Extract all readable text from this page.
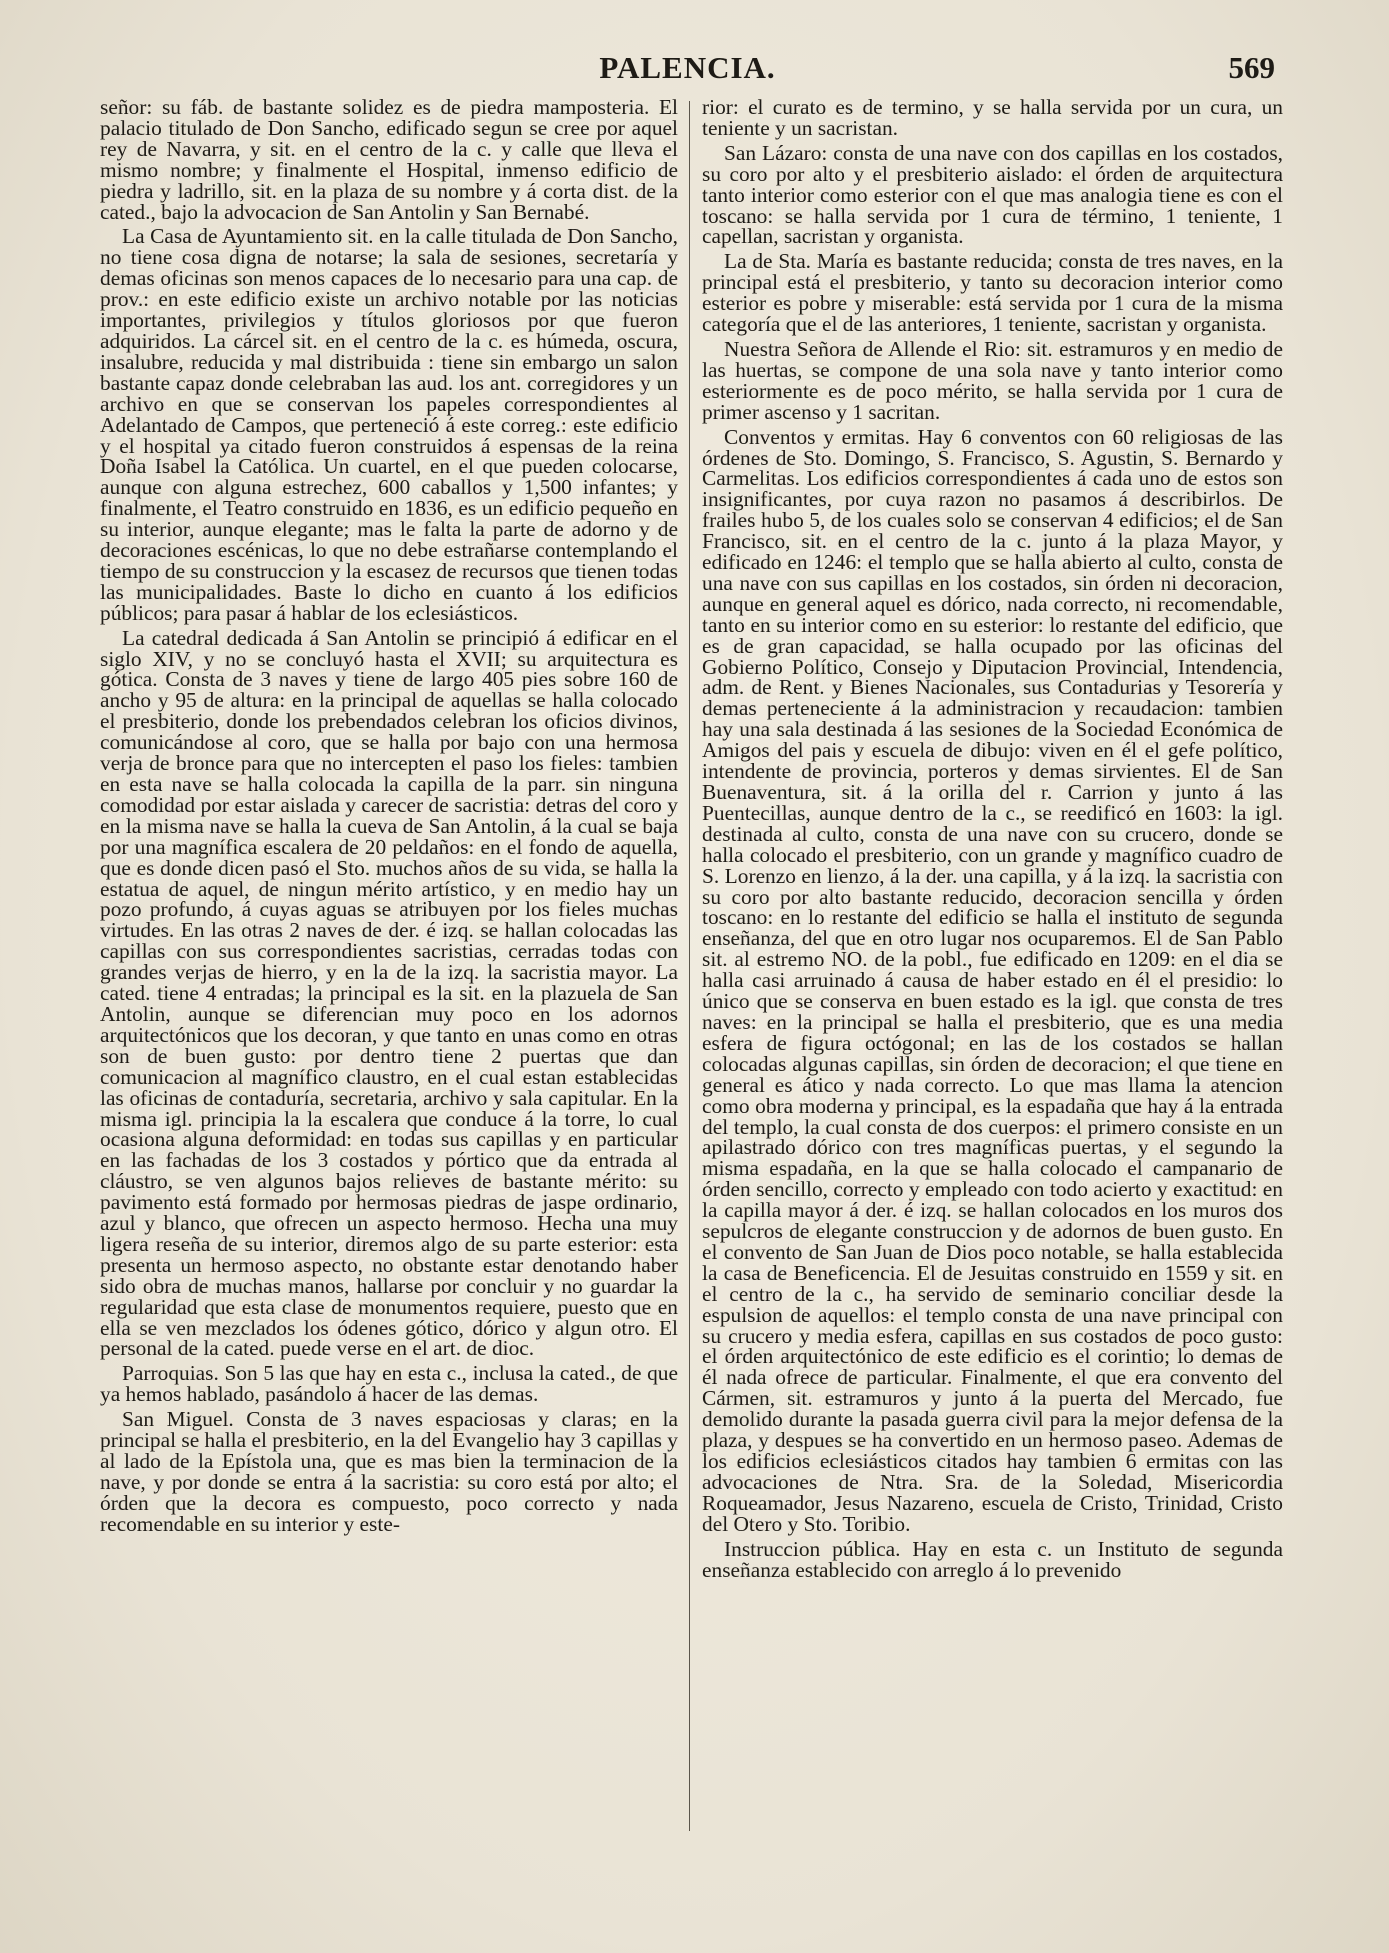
PALENCIA.	569

señor: su fáb. de bastante solidez es de piedra mamposteria. El palacio titulado de Don Sancho, edificado segun se cree por aquel rey de Navarra, y sit. en el centro de la c. y calle que lleva el mismo nombre; y finalmente el Hospital, inmenso edificio de piedra y ladrillo, sit. en la plaza de su nombre y á corta dist. de la cated., bajo la advocacion de San Antolin y San Bernabé.

La Casa de Ayuntamiento sit. en la calle titulada de Don Sancho, no tiene cosa digna de notarse; la sala de sesiones, secretaría y demas oficinas son menos capaces de lo necesario para una cap. de prov.: en este edificio existe un archivo notable por las noticias importantes, privilegios y títulos gloriosos por que fueron adquiridos. La cárcel sit. en el centro de la c. es húmeda, oscura, insalubre, reducida y mal distribuida : tiene sin embargo un salon bastante capaz donde celebraban las aud. los ant. corregidores y un archivo en que se conservan los papeles correspondientes al Adelantado de Campos, que perteneció á este correg.: este edificio y el hospital ya citado fueron construidos á espensas de la reina Doña Isabel la Católica. Un cuartel, en el que pueden colocarse, aunque con alguna estrechez, 600 caballos y 1,500 infantes; y finalmente, el Teatro construido en 1836, es un edificio pequeño en su interior, aunque elegante; mas le falta la parte de adorno y de decoraciones escénicas, lo que no debe estrañarse contemplando el tiempo de su construccion y la escasez de recursos que tienen todas las municipalidades. Baste lo dicho en cuanto á los edificios públicos; para pasar á hablar de los eclesiásticos.

La catedral dedicada á San Antolin se principió á edificar en el siglo XIV, y no se concluyó hasta el XVII; su arquitectura es gótica. Consta de 3 naves y tiene de largo 405 pies sobre 160 de ancho y 95 de altura: en la principal de aquellas se halla colocado el presbiterio, donde los prebendados celebran los oficios divinos, comunicándose al coro, que se halla por bajo con una hermosa verja de bronce para que no intercepten el paso los fieles: tambien en esta nave se halla colocada la capilla de la parr. sin ninguna comodidad por estar aislada y carecer de sacristia: detras del coro y en la misma nave se halla la cueva de San Antolin, á la cual se baja por una magnífica escalera de 20 peldaños: en el fondo de aquella, que es donde dicen pasó el Sto. muchos años de su vida, se halla la estatua de aquel, de ningun mérito artístico, y en medio hay un pozo profundo, á cuyas aguas se atribuyen por los fieles muchas virtudes. En las otras 2 naves de der. é izq. se hallan colocadas las capillas con sus correspondientes sacristias, cerradas todas con grandes verjas de hierro, y en la de la izq. la sacristia mayor. La cated. tiene 4 entradas; la principal es la sit. en la plazuela de San Antolin, aunque se diferencian muy poco en los adornos arquitectónicos que los decoran, y que tanto en unas como en otras son de buen gusto: por dentro tiene 2 puertas que dan comunicacion al magnífico claustro, en el cual estan establecidas las oficinas de contaduría, secretaria, archivo y sala capitular. En la misma igl. principia la la escalera que conduce á la torre, lo cual ocasiona alguna deformidad: en todas sus capillas y en particular en las fachadas de los 3 costados y pórtico que da entrada al cláustro, se ven algunos bajos relieves de bastante mérito: su pavimento está formado por hermosas piedras de jaspe ordinario, azul y blanco, que ofrecen un aspecto hermoso. Hecha una muy ligera reseña de su interior, diremos algo de su parte esterior: esta presenta un hermoso aspecto, no obstante estar denotando haber sido obra de muchas manos, hallarse por concluir y no guardar la regularidad que esta clase de monumentos requiere, puesto que en ella se ven mezclados los ódenes gótico, dórico y algun otro. El personal de la cated. puede verse en el art. de dioc.

Parroquias. Son 5 las que hay en esta c., inclusa la cated., de que ya hemos hablado, pasándolo á hacer de las demas.

San Miguel. Consta de 3 naves espaciosas y claras; en la principal se halla el presbiterio, en la del Evangelio hay 3 capillas y al lado de la Epístola una, que es mas bien la terminacion de la nave, y por donde se entra á la sacristia: su coro está por alto; el órden que la decora es compuesto, poco correcto y nada recomendable en su interior y este-

rior: el curato es de termino, y se halla servida por un cura, un teniente y un sacristan.

San Lázaro: consta de una nave con dos capillas en los costados, su coro por alto y el presbiterio aislado: el órden de arquitectura tanto interior como esterior con el que mas analogia tiene es con el toscano: se halla servida por 1 cura de término, 1 teniente, 1 capellan, sacristan y organista.

La de Sta. María es bastante reducida; consta de tres naves, en la principal está el presbiterio, y tanto su decoracion interior como esterior es pobre y miserable: está servida por 1 cura de la misma categoría que el de las anteriores, 1 teniente, sacristan y organista.

Nuestra Señora de Allende el Rio: sit. estramuros y en medio de las huertas, se compone de una sola nave y tanto interior como esteriormente es de poco mérito, se halla servida por 1 cura de primer ascenso y 1 sacritan.

Conventos y ermitas. Hay 6 conventos con 60 religiosas de las órdenes de Sto. Domingo, S. Francisco, S. Agustin, S. Bernardo y Carmelitas. Los edificios correspondientes á cada uno de estos son insignificantes, por cuya razon no pasamos á describirlos. De frailes hubo 5, de los cuales solo se conservan 4 edificios; el de San Francisco, sit. en el centro de la c. junto á la plaza Mayor, y edificado en 1246: el templo que se halla abierto al culto, consta de una nave con sus capillas en los costados, sin órden ni decoracion, aunque en general aquel es dórico, nada correcto, ni recomendable, tanto en su interior como en su esterior: lo restante del edificio, que es de gran capacidad, se halla ocupado por las oficinas del Gobierno Político, Consejo y Diputacion Provincial, Intendencia, adm. de Rent. y Bienes Nacionales, sus Contadurias y Tesorería y demas perteneciente á la administracion y recaudacion: tambien hay una sala destinada á las sesiones de la Sociedad Económica de Amigos del pais y escuela de dibujo: viven en él el gefe político, intendente de provincia, porteros y demas sirvientes. El de San Buenaventura, sit. á la orilla del r. Carrion y junto á las Puentecillas, aunque dentro de la c., se reedificó en 1603: la igl. destinada al culto, consta de una nave con su crucero, donde se halla colocado el presbiterio, con un grande y magnífico cuadro de S. Lorenzo en lienzo, á la der. una capilla, y á la izq. la sacristia con su coro por alto bastante reducido, decoracion sencilla y órden toscano: en lo restante del edificio se halla el instituto de segunda enseñanza, del que en otro lugar nos ocuparemos. El de San Pablo sit. al estremo NO. de la pobl., fue edificado en 1209: en el dia se halla casi arruinado á causa de haber estado en él el presidio: lo único que se conserva en buen estado es la igl. que consta de tres naves: en la principal se halla el presbiterio, que es una media esfera de figura octógonal; en las de los costados se hallan colocadas algunas capillas, sin órden de decoracion; el que tiene en general es ático y nada correcto. Lo que mas llama la atencion como obra moderna y principal, es la espadaña que hay á la entrada del templo, la cual consta de dos cuerpos: el primero consiste en un apilastrado dórico con tres magníficas puertas, y el segundo la misma espadaña, en la que se halla colocado el campanario de órden sencillo, correcto y empleado con todo acierto y exactitud: en la capilla mayor á der. é izq. se hallan colocados en los muros dos sepulcros de elegante construccion y de adornos de buen gusto. En el convento de San Juan de Dios poco notable, se halla establecida la casa de Beneficencia. El de Jesuitas construido en 1559 y sit. en el centro de la c., ha servido de seminario conciliar desde la espulsion de aquellos: el templo consta de una nave principal con su crucero y media esfera, capillas en sus costados de poco gusto: el órden arquitectónico de este edificio es el corintio; lo demas de él nada ofrece de particular. Finalmente, el que era convento del Cármen, sit. estramuros y junto á la puerta del Mercado, fue demolido durante la pasada guerra civil para la mejor defensa de la plaza, y despues se ha convertido en un hermoso paseo. Ademas de los edificios eclesiásticos citados hay tambien 6 ermitas con las advocaciones de Ntra. Sra. de la Soledad, Misericordia Roqueamador, Jesus Nazareno, escuela de Cristo, Trinidad, Cristo del Otero y Sto. Toribio.

Instruccion pública. Hay en esta c. un Instituto de segunda enseñanza establecido con arreglo á lo prevenido
